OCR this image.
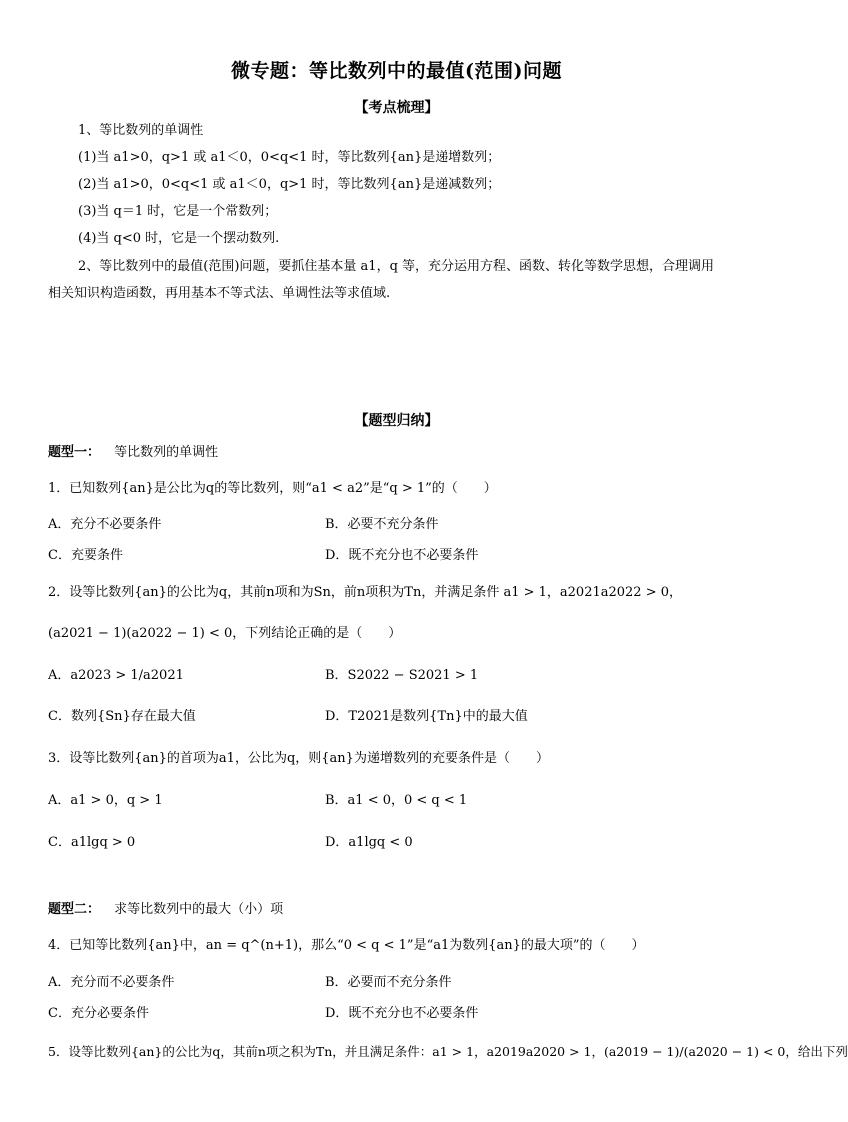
微专题：等比数列中的最值(范围)问题
【考点梳理】
1、等比数列的单调性
(1)当 a1>0，q>1 或 a1＜0，0<q<1 时，等比数列{an}是递增数列；
(2)当 a1>0，0<q<1 或 a1＜0，q>1 时，等比数列{an}是递减数列；
(3)当 q＝1 时，它是一个常数列；
(4)当 q<0 时，它是一个摆动数列.
2、等比数列中的最值(范围)问题，要抓住基本量 a1，q 等，充分运用方程、函数、转化等数学思想，合理调用
相关知识构造函数，再用基本不等式法、单调性法等求值域.
【题型归纳】
题型一： 等比数列的单调性
1．已知数列{an}是公比为q的等比数列，则“a1 < a2”是“q > 1”的（　　）
A．充分不必要条件	B．必要不充分条件
C．充要条件	D．既不充分也不必要条件
2．设等比数列{an}的公比为q，其前n项和为Sn，前n项积为Tn，并满足条件 a1 > 1，a2021a2022 > 0，
(a2021 − 1)(a2022 − 1) < 0，下列结论正确的是（　　）
A．a2023 > 1/a2021	B．S2022 − S2021 > 1
C．数列{Sn}存在最大值	D．T2021是数列{Tn}中的最大值
3．设等比数列{an}的首项为a1，公比为q，则{an}为递增数列的充要条件是（　　）
A．a1 > 0，q > 1	B．a1 < 0，0 < q < 1
C．a1lgq > 0	D．a1lgq < 0
题型二： 求等比数列中的最大（小）项
4．已知等比数列{an}中，an = q^(n+1)，那么“0 < q < 1”是“a1为数列{an}的最大项”的（　　）
A．充分而不必要条件	B．必要而不充分条件
C．充分必要条件	D．既不充分也不必要条件
5．设等比数列{an}的公比为q，其前n项之积为Tn，并且满足条件：a1 > 1，a2019a2020 > 1，(a2019 − 1)/(a2020 − 1) < 0，给出下列
